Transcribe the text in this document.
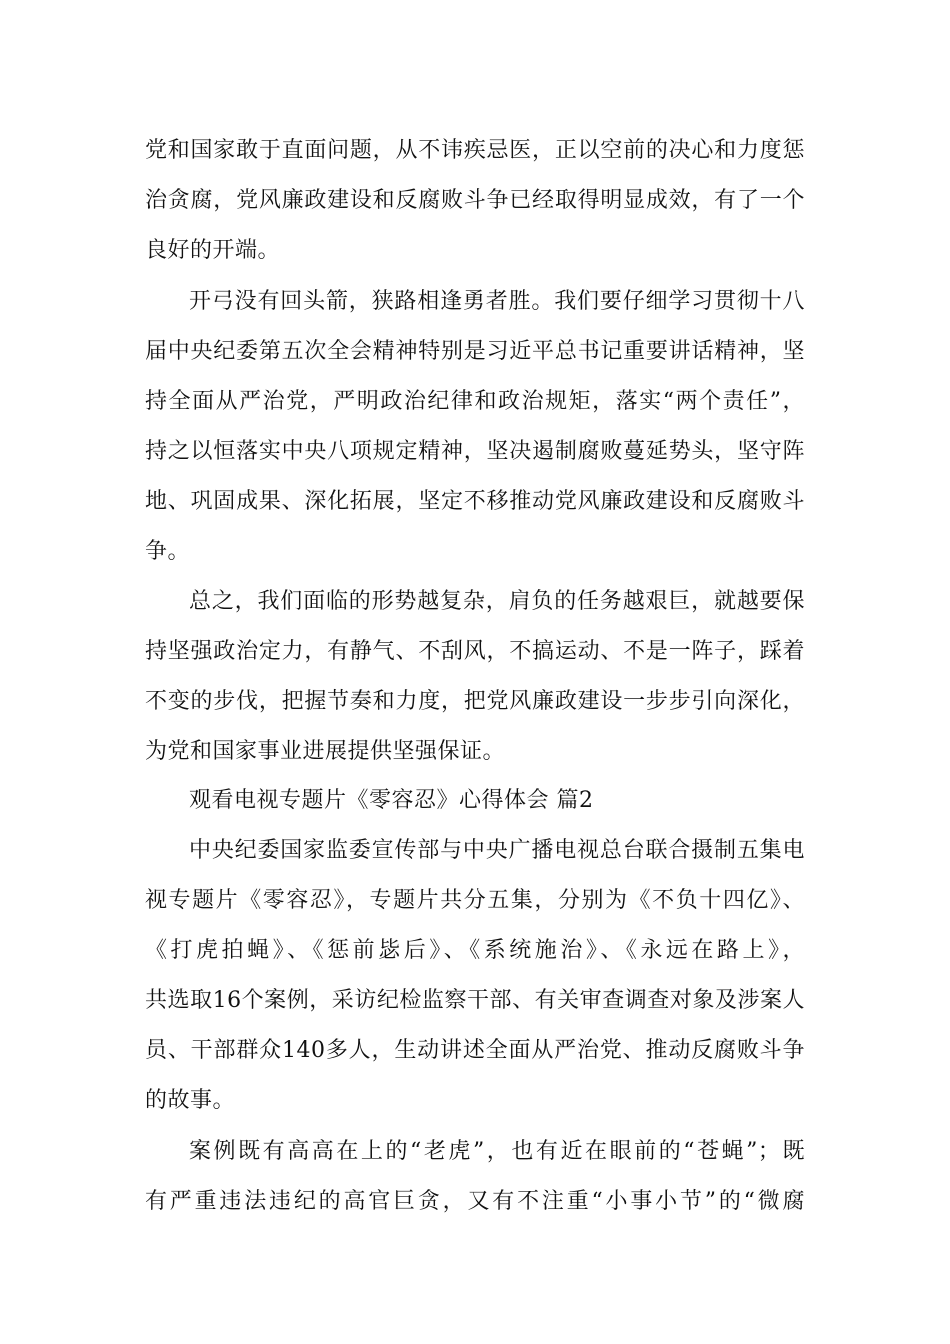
党和国家敢于直面问题，从不讳疾忌医，正以空前的决心和力度惩
治贪腐，党风廉政建设和反腐败斗争已经取得明显成效，有了一个
良好的开端。
开弓没有回头箭，狭路相逢勇者胜。我们要仔细学习贯彻十八
届中央纪委第五次全会精神特别是习近平总书记重要讲话精神，坚
持全面从严治党，严明政治纪律和政治规矩，落实“两个责任”，
持之以恒落实中央八项规定精神，坚决遏制腐败蔓延势头，坚守阵
地、巩固成果、深化拓展，坚定不移推动党风廉政建设和反腐败斗
争。
总之，我们面临的形势越复杂，肩负的任务越艰巨，就越要保
持坚强政治定力，有静气、不刮风，不搞运动、不是一阵子，踩着
不变的步伐，把握节奏和力度，把党风廉政建设一步步引向深化，
为党和国家事业进展提供坚强保证。
观看电视专题片《零容忍》心得体会 篇2
中央纪委国家监委宣传部与中央广播电视总台联合摄制五集电
视专题片《零容忍》，专题片共分五集，分别为《不负十四亿》、
《打虎拍蝇》、《惩前毖后》、《系统施治》、《永远在路上》，
共选取16个案例，采访纪检监察干部、有关审查调查对象及涉案人
员、干部群众140多人，生动讲述全面从严治党、推动反腐败斗争
的故事。
案例既有高高在上的“老虎”，也有近在眼前的“苍蝇”；既
有严重违法违纪的高官巨贪，又有不注重“小事小节”的“微腐
